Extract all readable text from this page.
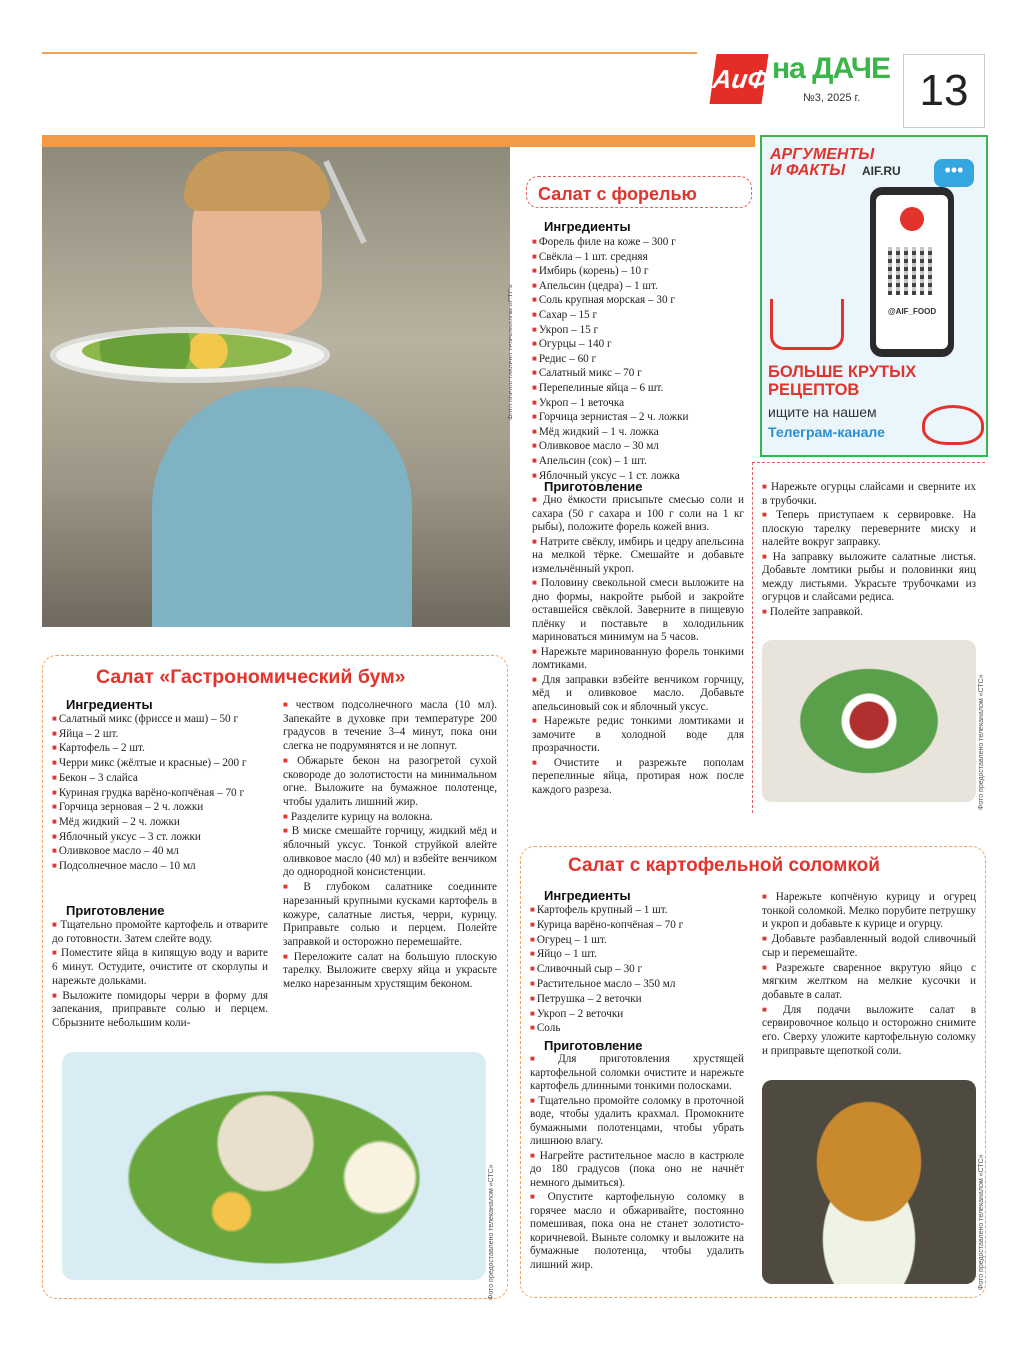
АиФ на ДАЧЕ
№3, 2025 г.	13
Салат с форелью
Ингредиенты

■ Форель филе на коже – 300 г

■ Свёкла – 1 шт. средняя

■ Имбирь (корень) – 10 г

■ Апельсин (цедра) – 1 шт.

■ Соль крупная морская – 30 г

■ Сахар – 15 г

■ Укроп – 15 г

■ Огурцы – 140 г

■ Редис – 60 г

■ Салатный микс – 70 г

■ Перепелиные яйца – 6 шт.

■ Укроп – 1 веточка

■ Горчица зернистая – 2 ч. ложки

■ Мёд жидкий – 1 ч. ложка

■ Оливковое масло – 30 мл

■ Апельсин (сок) – 1 шт.

■ Яблочный уксус – 1 ст. ложка

Приготовление

■ Дно ёмкости присыпьте смесью соли и сахара (50 г сахара и 100 г соли на 1 кг рыбы), положите форель кожей вниз.

■ Натрите свёклу, имбирь и цедру апельсина на мелкой тёрке. Смешайте и добавьте измельчённый укроп.

■ Половину свекольной смеси выложите на дно формы, накройте рыбой и закройте оставшейся свёклой. Заверните в пищевую плёнку и поставьте в холодильник мариноваться минимум на 5 часов.

■ Нарежьте маринованную форель тонкими ломтиками.

■ Для заправки взбейте венчиком горчицу, мёд и оливковое масло. Добавьте апельсиновый сок и яблочный уксус.

■ Нарежьте редис тонкими ломтиками и замочите в холодной воде для прозрачности.

■ Очистите и разрежьте пополам перепелиные яйца, протирая нож после каждого разреза.

■ Нарежьте огурцы слайсами и сверните их в трубочки.

■ Теперь приступаем к сервировке. На плоскую тарелку переверните миску и налейте вокруг заправку.

■ На заправку выложите салатные листья. Добавьте ломтики рыбы и половинки яиц между листьями. Украсьте трубочками из огурцов и слайсами редиса.

■ Полейте заправкой.

Фото предоставлено телеканалом «СТС»
АРГУМЕНТЫ
И ФАКТЫ	AIF.RU	•••
@AIF_FOOD
БОЛЬШЕ КРУТЫХ
РЕЦЕПТОВ
ищите на нашем
Телеграм-канале
Салат «Гастрономический бум»
Ингредиенты

■ Салатный микс (фриссе и маш) – 50 г

■ Яйца – 2 шт.

■ Картофель – 2 шт.

■ Черри микс (жёлтые и красные) – 200 г

■ Бекон – 3 слайса

■ Куриная грудка варёно-копчёная – 70 г

■ Горчица зерновая – 2 ч. ложки

■ Мёд жидкий – 2 ч. ложки

■ Яблочный уксус – 3 ст. ложки

■ Оливковое масло – 40 мл

■ Подсолнечное масло – 10 мл

Приготовление

■ Тщательно промойте картофель и отварите до готовности. Затем слейте воду.

■ Поместите яйца в кипящую воду и варите 6 минут. Остудите, очистите от скорлупы и нарежьте дольками.

■ Выложите помидоры черри в форму для запекания, приправьте солью и перцем. Сбрызните небольшим коли-

■ чеством подсолнечного масла (10 мл). Запекайте в духовке при температуре 200 градусов в течение 3–4 минут, пока они слегка не подрумянятся и не лопнут.

■ Обжарьте бекон на разогретой сухой сковороде до золотистости на минимальном огне. Выложите на бумажное полотенце, чтобы удалить лишний жир.

■ Разделите курицу на волокна.

■ В миске смешайте горчицу, жидкий мёд и яблочный уксус. Тонкой струйкой влейте оливковое масло (40 мл) и взбейте венчиком до однородной консистенции.

■ В глубоком салатнике соедините нарезанный крупными кусками картофель в кожуре, салатные листья, черри, курицу. Приправьте солью и перцем. Полейте заправкой и осторожно перемешайте.

■ Переложите салат на большую плоскую тарелку. Выложите сверху яйца и украсьте мелко нарезанным хрустящим беконом.

Фото предоставлено телеканалом «СТС»
Салат с картофельной соломкой
Ингредиенты

■ Картофель крупный – 1 шт.

■ Курица варёно-копчёная – 70 г

■ Огурец – 1 шт.

■ Яйцо – 1 шт.

■ Сливочный сыр – 30 г

■ Растительное масло – 350 мл

■ Петрушка – 2 веточки

■ Укроп – 2 веточки

■ Соль

Приготовление

■ Для приготовления хрустящей картофельной соломки очистите и нарежьте картофель длинными тонкими полосками.

■ Тщательно промойте соломку в проточной воде, чтобы удалить крахмал. Промокните бумажными полотенцами, чтобы убрать лишнюю влагу.

■ Нагрейте растительное масло в кастрюле до 180 градусов (пока оно не начнёт немного дымиться).

■ Опустите картофельную соломку в горячее масло и обжаривайте, постоянно помешивая, пока она не станет золотисто-коричневой. Выньте соломку и выложите на бумажные полотенца, чтобы удалить лишний жир.

■ Нарежьте копчёную курицу и огурец тонкой соломкой. Мелко порубите петрушку и укроп и добавьте к курице и огурцу.

■ Добавьте разбавленный водой сливочный сыр и перемешайте.

■ Разрежьте сваренное вкрутую яйцо с мягким желтком на мелкие кусочки и добавьте в салат.

■ Для подачи выложите салат в сервировочное кольцо и осторожно снимите его. Сверху уложите картофельную соломку и приправьте щепоткой соли.

Фото предоставлено телеканалом «СТС»
